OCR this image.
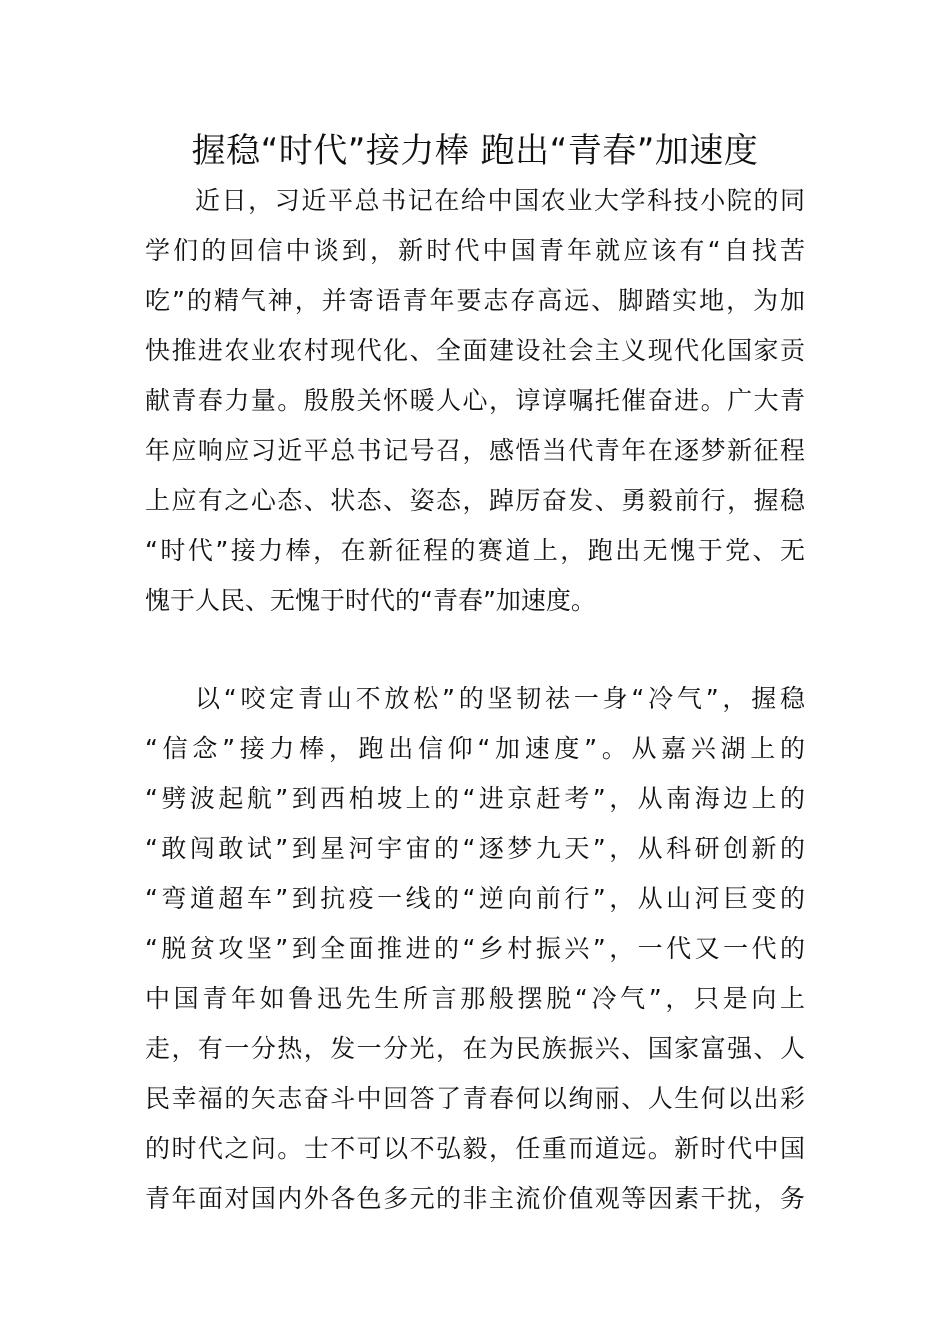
握稳“时代”接力棒 跑出“青春”加速度
近日，习近平总书记在给中国农业大学科技小院的同
学们的回信中谈到，新时代中国青年就应该有“自找苦
吃”的精气神，并寄语青年要志存高远、脚踏实地，为加
快推进农业农村现代化、全面建设社会主义现代化国家贡
献青春力量。殷殷关怀暖人心，谆谆嘱托催奋进。广大青
年应响应习近平总书记号召，感悟当代青年在逐梦新征程
上应有之心态、状态、姿态，踔厉奋发、勇毅前行，握稳
“时代”接力棒，在新征程的赛道上，跑出无愧于党、无
愧于人民、无愧于时代的“青春”加速度。
以“咬定青山不放松”的坚韧祛一身“冷气”，握稳
“信念”接力棒，跑出信仰“加速度”。从嘉兴湖上的
“劈波起航”到西柏坡上的“进京赶考”，从南海边上的
“敢闯敢试”到星河宇宙的“逐梦九天”，从科研创新的
“弯道超车”到抗疫一线的“逆向前行”，从山河巨变的
“脱贫攻坚”到全面推进的“乡村振兴”，一代又一代的
中国青年如鲁迅先生所言那般摆脱“冷气”，只是向上
走，有一分热，发一分光，在为民族振兴、国家富强、人
民幸福的矢志奋斗中回答了青春何以绚丽、人生何以出彩
的时代之问。士不可以不弘毅，任重而道远。新时代中国
青年面对国内外各色多元的非主流价值观等因素干扰，务
